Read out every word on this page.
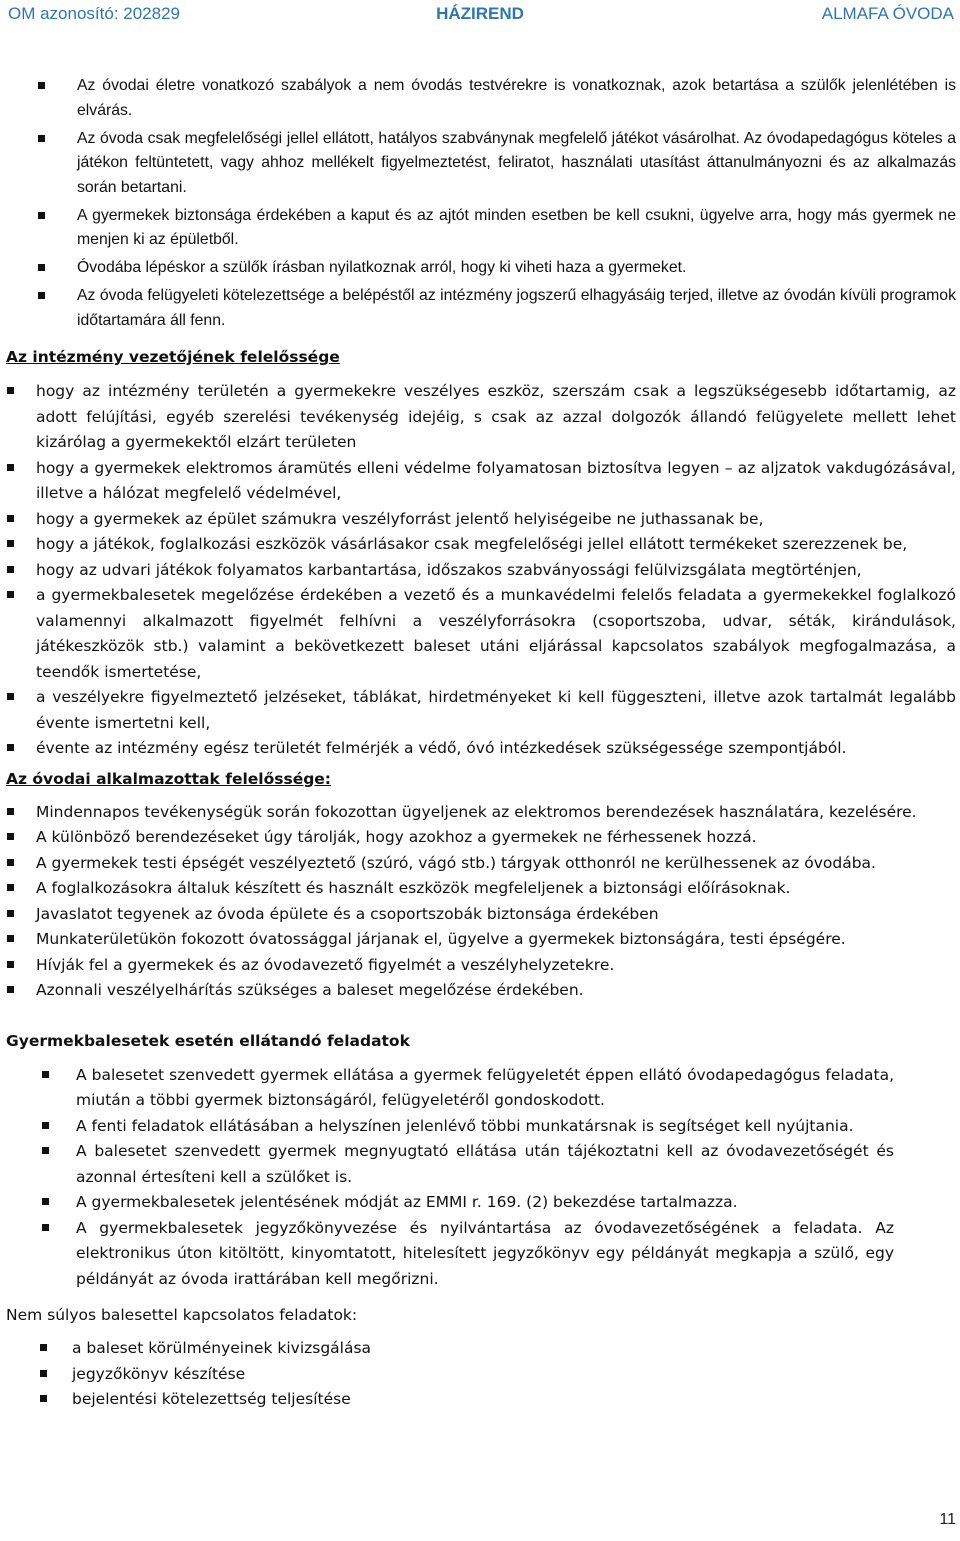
OM azonosító: 202829	HÁZIREND	ALMAFA ÓVODA
Az óvodai életre vonatkozó szabályok a nem óvodás testvérekre is vonatkoznak, azok betartása a szülők jelenlétében is elvárás.
Az óvoda csak megfelelőségi jellel ellátott, hatályos szabványnak megfelelő játékot vásárolhat. Az óvodapedagógus köteles a játékon feltüntetett, vagy ahhoz mellékelt figyelmeztetést, feliratot, használati utasítást áttanulmányozni és az alkalmazás során betartani.
A gyermekek biztonsága érdekében a kaput és az ajtót minden esetben be kell csukni, ügyelve arra, hogy más gyermek ne menjen ki az épületből.
Óvodába lépéskor a szülők írásban nyilatkoznak arról, hogy ki viheti haza a gyermeket.
Az óvoda felügyeleti kötelezettsége a belépéstől az intézmény jogszerű elhagyásáig terjed, illetve az óvodán kívüli programok időtartamára áll fenn.
Az intézmény vezetőjének felelőssége
hogy az intézmény területén a gyermekekre veszélyes eszköz, szerszám csak a legszükségesebb időtartamig, az adott felújítási, egyéb szerelési tevékenység idejéig, s csak az azzal dolgozók állandó felügyelete mellett lehet kizárólag a gyermekektől elzárt területen
hogy a gyermekek elektromos áramütés elleni védelme folyamatosan biztosítva legyen – az aljzatok vakdugózásával, illetve a hálózat megfelelő védelmével,
hogy a gyermekek az épület számukra veszélyforrást jelentő helyiségeibe ne juthassanak be,
hogy a játékok, foglalkozási eszközök vásárlásakor csak megfelelőségi jellel ellátott termékeket szerezzenek be,
hogy az udvari játékok folyamatos karbantartása, időszakos szabványossági felülvizsgálata megtörténjen,
a gyermekbalesetek megelőzése érdekében a vezető és a munkavédelmi felelős feladata a gyermekekkel foglalkozó valamennyi alkalmazott figyelmét felhívni a veszélyforrásokra (csoportszoba, udvar, séták, kirándulások, játékeszközök stb.) valamint a bekövetkezett baleset utáni eljárással kapcsolatos szabályok megfogalmazása, a teendők ismertetése,
a veszélyekre figyelmeztető jelzéseket, táblákat, hirdetményeket ki kell függeszteni, illetve azok tartalmát legalább évente ismertetni kell,
évente az intézmény egész területét felmérjék a védő, óvó intézkedések szükségessége szempontjából.
Az óvodai alkalmazottak felelőssége:
Mindennapos tevékenységük során fokozottan ügyeljenek az elektromos berendezések használatára, kezelésére.
A különböző berendezéseket úgy tárolják, hogy azokhoz a gyermekek ne férhessenek hozzá.
A gyermekek testi épségét veszélyeztető (szúró, vágó stb.) tárgyak otthonról ne kerülhessenek az óvodába.
A foglalkozásokra általuk készített és használt eszközök megfeleljenek a biztonsági előírásoknak.
Javaslatot tegyenek az óvoda épülete és a csoportszobák biztonsága érdekében
Munkaterületükön fokozott óvatossággal járjanak el, ügyelve a gyermekek biztonságára, testi épségére.
Hívják fel a gyermekek és az óvodavezető figyelmét a veszélyhelyzetekre.
Azonnali veszélyelhárítás szükséges a baleset megelőzése érdekében.
Gyermekbalesetek esetén ellátandó feladatok
A balesetet szenvedett gyermek ellátása a gyermek felügyeletét éppen ellátó óvodapedagógus feladata, miután a többi gyermek biztonságáról, felügyeletéről gondoskodott.
A fenti feladatok ellátásában a helyszínen jelenlévő többi munkatársnak is segítséget kell nyújtania.
A balesetet szenvedett gyermek megnyugtató ellátása után tájékoztatni kell az óvodavezetőségét és azonnal értesíteni kell a szülőket is.
A gyermekbalesetek jelentésének módját az EMMI r. 169. (2) bekezdése tartalmazza.
A gyermekbalesetek jegyzőkönyvezése és nyilvántartása az óvodavezetőségének a feladata. Az elektronikus úton kitöltött, kinyomtatott, hitelesített jegyzőkönyv egy példányát megkapja a szülő, egy példányát az óvoda irattárában kell megőrizni.

Nem súlyos balesettel kapcsolatos feladatok:

a baleset körülményeinek kivizsgálása
jegyzőkönyv készítése
bejelentési kötelezettség teljesítése
11
